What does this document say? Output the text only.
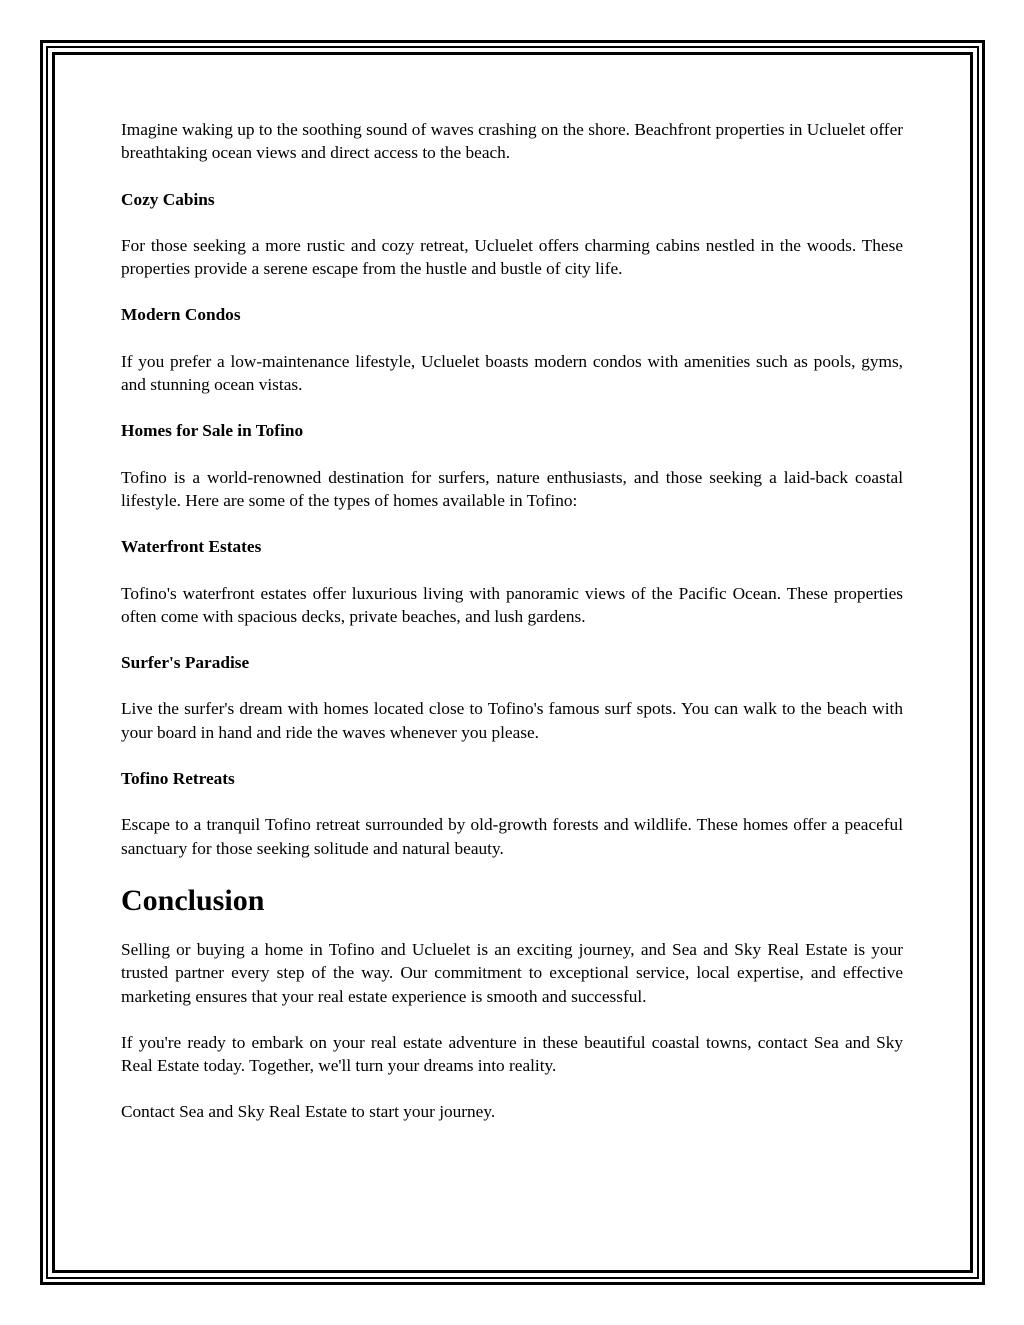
Imagine waking up to the soothing sound of waves crashing on the shore. Beachfront properties in Ucluelet offer breathtaking ocean views and direct access to the beach.

Cozy Cabins

For those seeking a more rustic and cozy retreat, Ucluelet offers charming cabins nestled in the woods. These properties provide a serene escape from the hustle and bustle of city life.

Modern Condos

If you prefer a low-maintenance lifestyle, Ucluelet boasts modern condos with amenities such as pools, gyms, and stunning ocean vistas.

Homes for Sale in Tofino

Tofino is a world-renowned destination for surfers, nature enthusiasts, and those seeking a laid-back coastal lifestyle. Here are some of the types of homes available in Tofino:

Waterfront Estates

Tofino's waterfront estates offer luxurious living with panoramic views of the Pacific Ocean. These properties often come with spacious decks, private beaches, and lush gardens.

Surfer's Paradise

Live the surfer's dream with homes located close to Tofino's famous surf spots. You can walk to the beach with your board in hand and ride the waves whenever you please.

Tofino Retreats

Escape to a tranquil Tofino retreat surrounded by old-growth forests and wildlife. These homes offer a peaceful sanctuary for those seeking solitude and natural beauty.

Conclusion

Selling or buying a home in Tofino and Ucluelet is an exciting journey, and Sea and Sky Real Estate is your trusted partner every step of the way. Our commitment to exceptional service, local expertise, and effective marketing ensures that your real estate experience is smooth and successful.

If you're ready to embark on your real estate adventure in these beautiful coastal towns, contact Sea and Sky Real Estate today. Together, we'll turn your dreams into reality.

Contact Sea and Sky Real Estate to start your journey.
